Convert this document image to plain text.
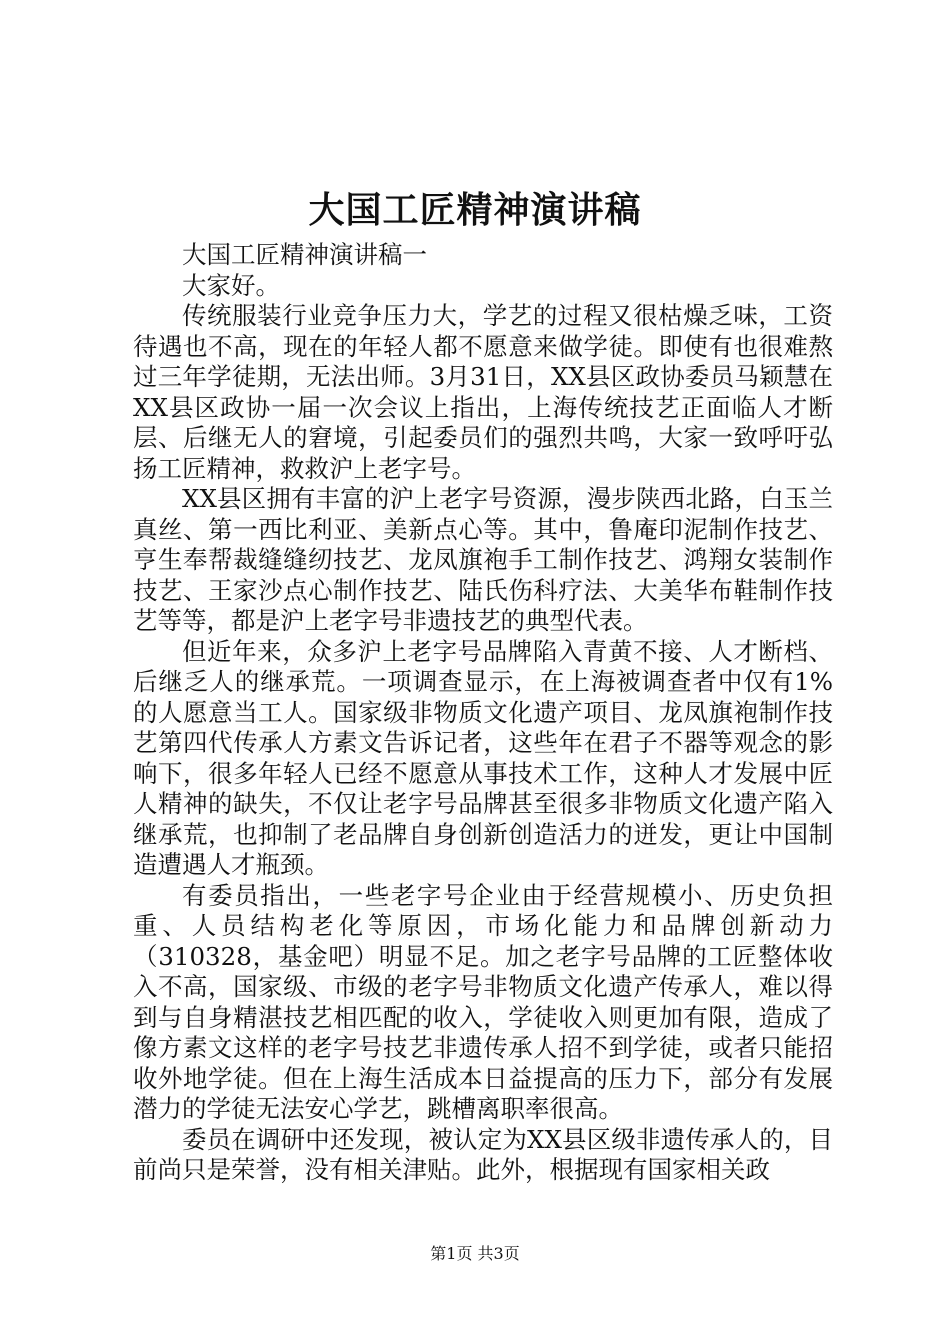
大国工匠精神演讲稿

大国工匠精神演讲稿一

大家好。

传统服装行业竞争压力大，学艺的过程又很枯燥乏味，工资待遇也不高，现在的年轻人都不愿意来做学徒。即使有也很难熬过三年学徒期，无法出师。3月31日，XX县区政协委员马颖慧在XX县区政协一届一次会议上指出，上海传统技艺正面临人才断层、后继无人的窘境，引起委员们的强烈共鸣，大家一致呼吁弘扬工匠精神，救救沪上老字号。

XX县区拥有丰富的沪上老字号资源，漫步陕西北路，白玉兰真丝、第一西比利亚、美新点心等。其中，鲁庵印泥制作技艺、亨生奉帮裁缝缝纫技艺、龙凤旗袍手工制作技艺、鸿翔女装制作技艺、王家沙点心制作技艺、陆氏伤科疗法、大美华布鞋制作技艺等等，都是沪上老字号非遗技艺的典型代表。

但近年来，众多沪上老字号品牌陷入青黄不接、人才断档、后继乏人的继承荒。一项调查显示，在上海被调查者中仅有1%的人愿意当工人。国家级非物质文化遗产项目、龙凤旗袍制作技艺第四代传承人方素文告诉记者，这些年在君子不器等观念的影响下，很多年轻人已经不愿意从事技术工作，这种人才发展中匠人精神的缺失，不仅让老字号品牌甚至很多非物质文化遗产陷入继承荒，也抑制了老品牌自身创新创造活力的迸发，更让中国制造遭遇人才瓶颈。

有委员指出，一些老字号企业由于经营规模小、历史负担重、人员结构老化等原因，市场化能力和品牌创新动力（310328，基金吧）明显不足。加之老字号品牌的工匠整体收入不高，国家级、市级的老字号非物质文化遗产传承人，难以得到与自身精湛技艺相匹配的收入，学徒收入则更加有限，造成了像方素文这样的老字号技艺非遗传承人招不到学徒，或者只能招收外地学徒。但在上海生活成本日益提高的压力下，部分有发展潜力的学徒无法安心学艺，跳槽离职率很高。

委员在调研中还发现，被认定为XX县区级非遗传承人的，目前尚只是荣誉，没有相关津贴。此外，根据现有国家相关政

第1页 共3页
